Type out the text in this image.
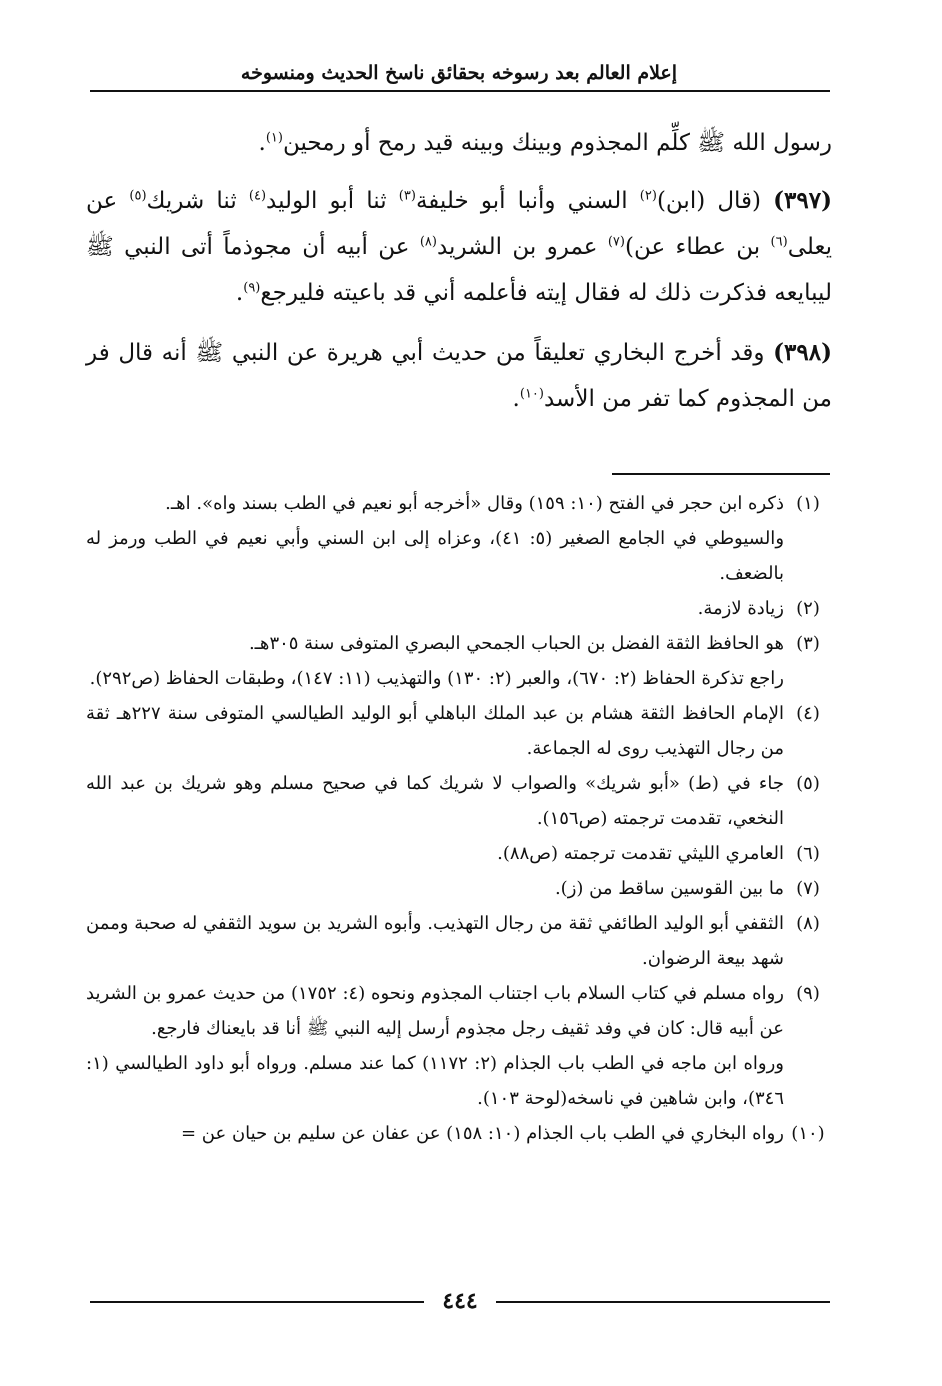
إعلام العالم بعد رسوخه بحقائق ناسخ الحديث ومنسوخه

رسول الله ﷺ كلِّم المجذوم وبينك وبينه قيد رمح أو رمحين$^{(١)}$.

(٣٩٧) (قال (ابن)$^{(٢)}$ السني وأنبا أبو خليفة$^{(٣)}$ ثنا أبو الوليد$^{(٤)}$ ثنا شريك$^{(٥)}$ عن يعلى$^{(٦)}$ بن عطاء عن)$^{(٧)}$ عمرو بن الشريد$^{(٨)}$ عن أبيه أن مجوذماً أتى النبي ﷺ ليبايعه فذكرت ذلك له فقال إيته فأعلمه أني قد باعيته فليرجع$^{(٩)}$.

(٣٩٨) وقد أخرج البخاري تعليقاً من حديث أبي هريرة عن النبي ﷺ أنه قال فر من المجذوم كما تفر من الأسد$^{(١٠)}$.

(١)

ذكره ابن حجر في الفتح (١٠: ١٥٩) وقال «أخرجه أبو نعيم في الطب بسند واه». اهـ.

والسيوطي في الجامع الصغير (٥: ٤١)، وعزاه إلى ابن السني وأبي نعيم في الطب ورمز له بالضعف.

(٢)

زيادة لازمة.

(٣)

هو الحافظ الثقة الفضل بن الحباب الجمحي البصري المتوفى سنة ٣٠٥هـ.

راجع تذكرة الحفاظ (٢: ٦٧٠)، والعبر (٢: ١٣٠) والتهذيب (١١: ١٤٧)، وطبقات الحفاظ (ص٢٩٢).

(٤)

الإمام الحافظ الثقة هشام بن عبد الملك الباهلي أبو الوليد الطيالسي المتوفى سنة ٢٢٧هـ ثقة من رجال التهذيب روى له الجماعة.

(٥)

جاء في (ط) «أبو شريك» والصواب لا شريك كما في صحيح مسلم وهو شريك بن عبد الله النخعي، تقدمت ترجمته (ص١٥٦).

(٦)

العامري الليثي تقدمت ترجمته (ص٨٨).

(٧)

ما بين القوسين ساقط من (ز).

(٨)

الثقفي أبو الوليد الطائفي ثقة من رجال التهذيب. وأبوه الشريد بن سويد الثقفي له صحبة وممن شهد بيعة الرضوان.

(٩)

رواه مسلم في كتاب السلام باب اجتناب المجذوم ونحوه (٤: ١٧٥٢) من حديث عمرو بن الشريد عن أبيه قال: كان في وفد ثقيف رجل مجذوم أرسل إليه النبي ﷺ أنا قد بايعناك فارجع.

ورواه ابن ماجه في الطب باب الجذام (٢: ١١٧٢) كما عند مسلم. ورواه أبو داود الطيالسي (١: ٣٤٦)، وابن شاهين في ناسخه(لوحة ١٠٣).

(١٠)

رواه البخاري في الطب باب الجذام (١٠: ١٥٨) عن عفان عن سليم بن حيان عن =

٤٤٤
